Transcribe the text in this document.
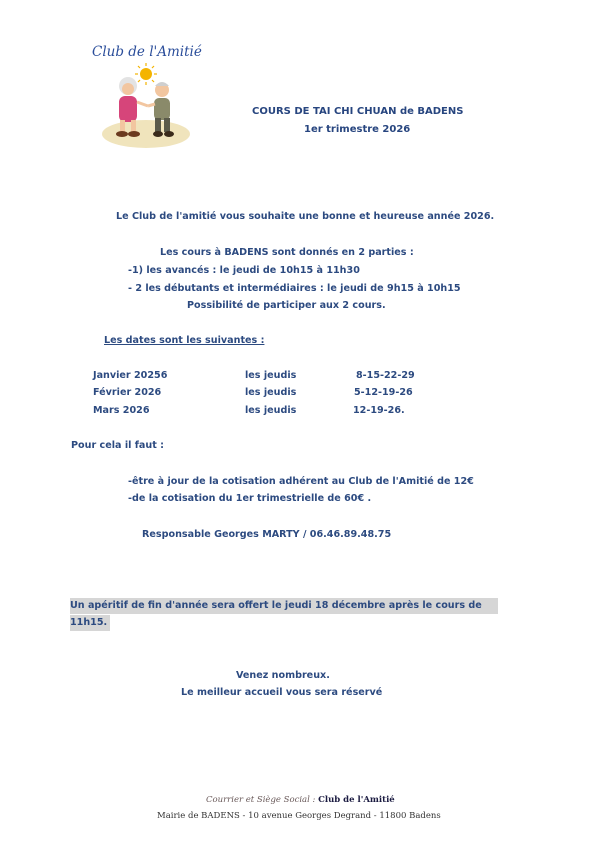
Club de l'Amitié
COURS DE TAI CHI CHUAN de BADENS
1er trimestre 2026
Le Club de l'amitié vous souhaite une bonne et heureuse année 2026.
Les cours à BADENS sont donnés en 2 parties :
-1) les avancés : le jeudi de 10h15 à 11h30
- 2 les débutants et intermédiaires : le jeudi de 9h15 à 10h15
Possibilité de participer aux 2 cours.
Les dates sont les suivantes :
Janvier 20256	les jeudis	8-15-22-29
Février 2026	les jeudis	5-12-19-26
Mars 2026	les jeudis	12-19-26.
Pour cela il faut :
-être à jour de la cotisation adhérent au Club de l'Amitié de 12€
-de la cotisation du 1er trimestrielle de 60€ .
Responsable Georges MARTY / 06.46.89.48.75
Un apéritif de fin d'année sera offert le jeudi 18 décembre après le cours de
11h15.
Venez nombreux.
Le meilleur accueil vous sera réservé
Courrier et Siège Social : Club de l'Amitié
Mairie de BADENS - 10 avenue Georges Degrand - 11800 Badens
